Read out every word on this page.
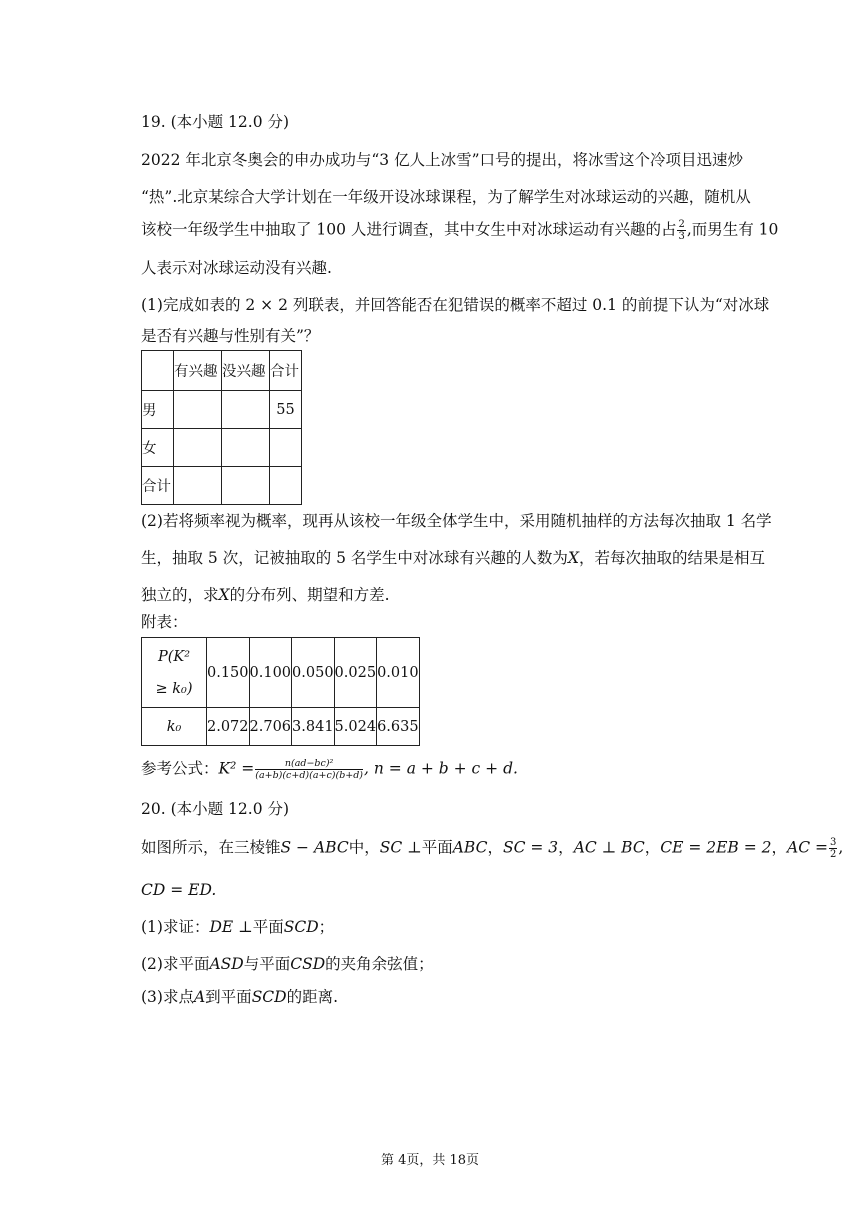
19. (本小题 12.0 分)
2022 年北京冬奥会的申办成功与“3 亿人上冰雪”口号的提出，将冰雪这个冷项目迅速炒
“热”.北京某综合大学计划在一年级开设冰球课程，为了解学生对冰球运动的兴趣，随机从
该校一年级学生中抽取了 100 人进行调查，其中女生中对冰球运动有兴趣的占 $\frac{2}{3}$ ,而男生有 10
人表示对冰球运动没有兴趣.
(1)完成如表的 2 × 2 列联表，并回答能否在犯错误的概率不超过 0.1 的前提下认为“对冰球
是否有兴趣与性别有关”？
	有兴趣	没兴趣	合计
男			55
女			
合计			
(2)若将频率视为概率，现再从该校一年级全体学生中，采用随机抽样的方法每次抽取 1 名学
生，抽取 5 次，记被抽取的 5 名学生中对冰球有兴趣的人数为X，若每次抽取的结果是相互
独立的，求X的分布列、期望和方差.
附表：
P(K²
≥ k₀)	0.150	0.100	0.050	0.025	0.010
k₀	2.072	2.706	3.841	5.024	6.635
参考公式：$K^2 = \frac{\text{n(ad−bc)²}}{(a+b)(c+d)(a+c)(b+d)}$ , n = a + b + c + d.
20. (本小题 12.0 分)
如图所示，在三棱锥S − ABC中，SC ⊥平面ABC，SC = 3，AC ⊥ BC，CE = 2EB = 2，AC = $\frac{3}{2}$ ,
CD = ED.
(1)求证：DE ⊥平面SCD；
(2)求平面ASD与平面CSD的夹角余弦值；
(3)求点A到平面SCD的距离.
第 4页，共 18页
